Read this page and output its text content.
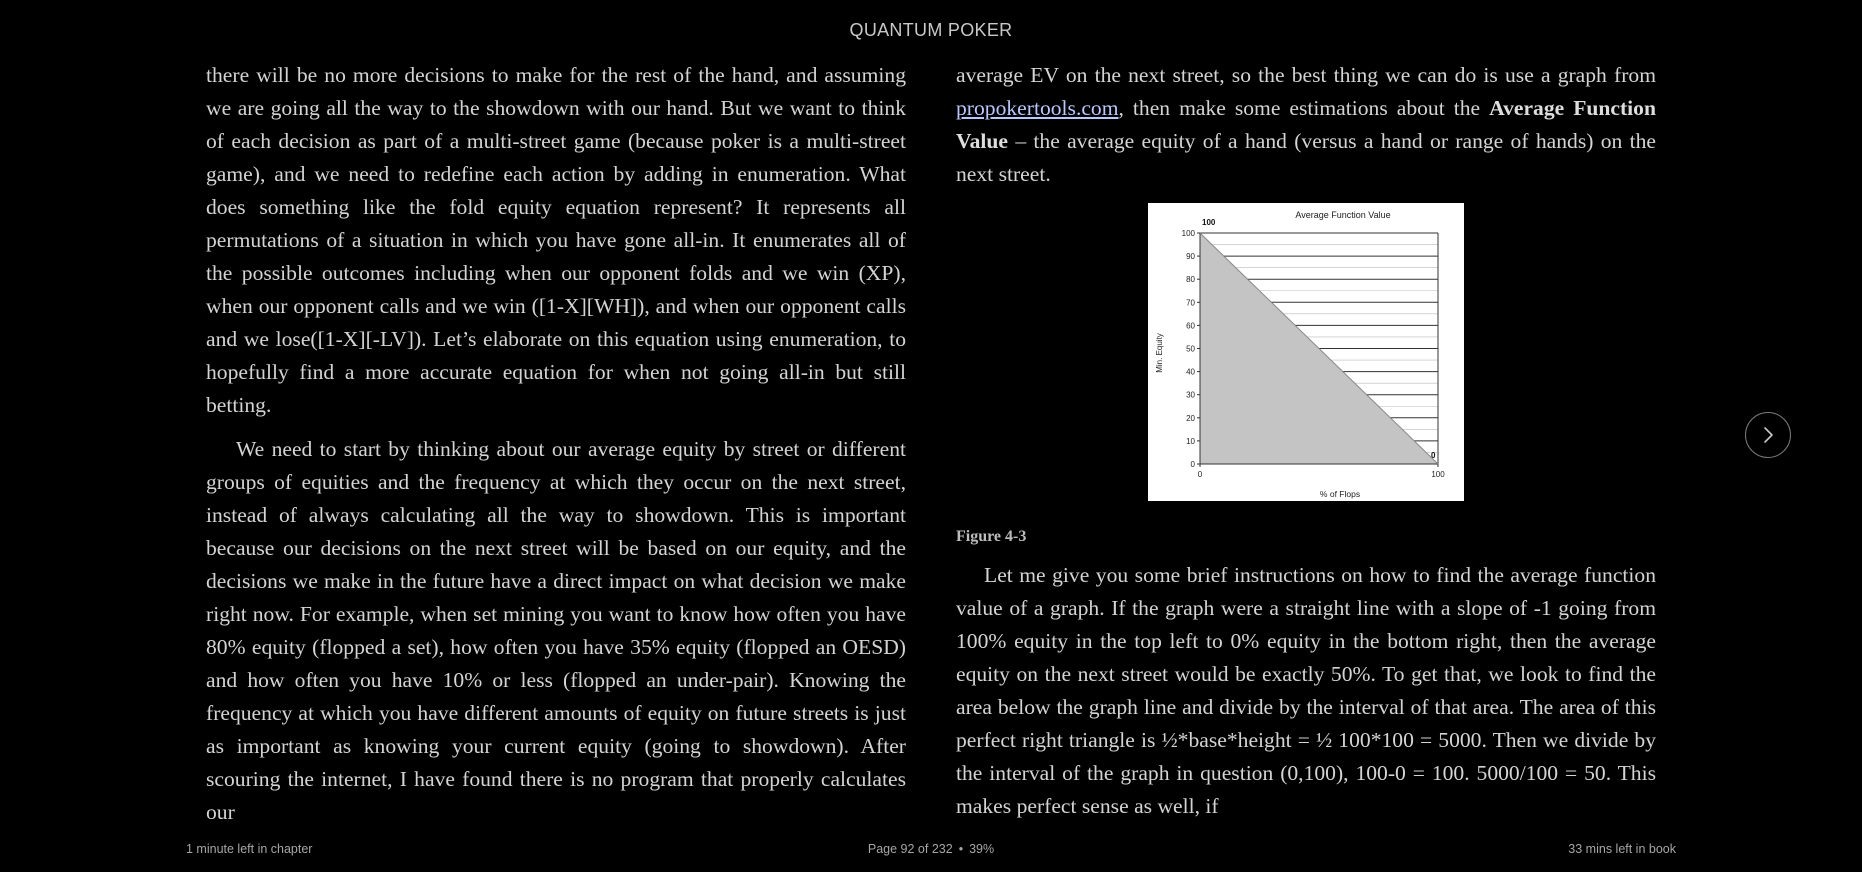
QUANTUM POKER

there will be no more decisions to make for the rest of the hand, and assuming we are going all the way to the showdown with our hand. But we want to think of each decision as part of a multi-street game (because poker is a multi-street game), and we need to redefine each action by adding in enumeration. What does something like the fold equity equation represent? It represents all permutations of a situation in which you have gone all-in. It enumerates all of the possible outcomes including when our opponent folds and we win (XP), when our opponent calls and we win ([1-X][WH]), and when our opponent calls and we lose([1-X][-LV]). Let’s elaborate on this equation using enumeration, to hopefully find a more accurate equation for when not going all-in but still betting.

We need to start by thinking about our average equity by street or different groups of equities and the frequency at which they occur on the next street, instead of always calculating all the way to showdown. This is important because our decisions on the next street will be based on our equity, and the decisions we make in the future have a direct impact on what decision we make right now. For example, when set mining you want to know how often you have 80% equity (flopped a set), how often you have 35% equity (flopped an OESD) and how often you have 10% or less (flopped an under-pair). Knowing the frequency at which you have different amounts of equity on future streets is just as important as knowing your current equity (going to showdown). After scouring the internet, I have found there is no program that properly calculates our

average EV on the next street, so the best thing we can do is use a graph from propokertools.com, then make some estimations about the Average Function Value – the average equity of a hand (versus a hand or range of hands) on the next street.

Average Function Value
% of Flops
Min. Equity
0
10
20
30
40
50
60
70
80
90
100
0	100
100
0
Figure 4-3

Let me give you some brief instructions on how to find the average function value of a graph. If the graph were a straight line with a slope of -1 going from 100% equity in the top left to 0% equity in the bottom right, then the average equity on the next street would be exactly 50%. To get that, we look to find the area below the graph line and divide by the interval of that area. The area of this perfect right triangle is ½*base*height = ½ 100*100 = 5000. Then we divide by the interval of the graph in question (0,100), 100-0 = 100. 5000/100 = 50. This makes perfect sense as well, if

1 minute left in chapter	Page 92 of 232 • 39%	33 mins left in book
